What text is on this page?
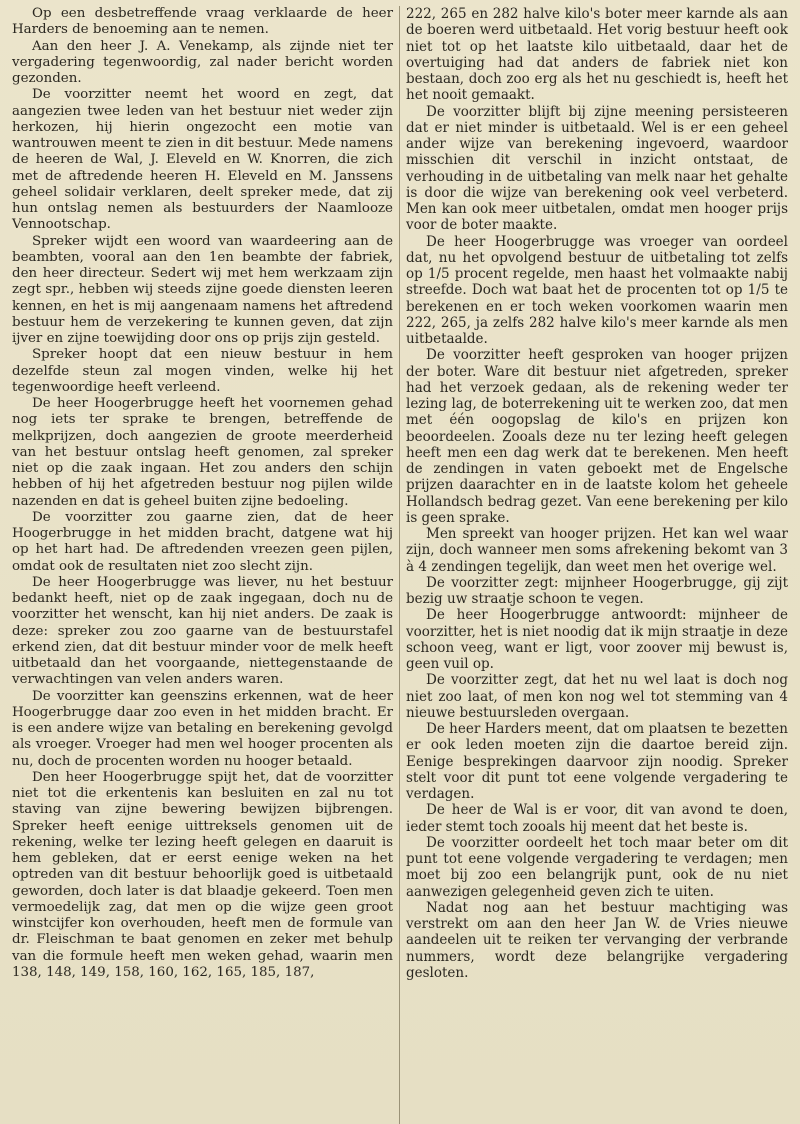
Op een desbetreffende vraag verklaarde de heer Harders de benoeming aan te nemen.

Aan den heer J. A. Venekamp, als zijnde niet ter vergadering tegenwoordig, zal nader bericht worden gezonden.

De voorzitter neemt het woord en zegt, dat aangezien twee leden van het bestuur niet weder zijn herkozen, hij hierin ongezocht een motie van wantrouwen meent te zien in dit bestuur. Mede namens de heeren de Wal, J. Eleveld en W. Knorren, die zich met de aftredende heeren H. Eleveld en M. Janssens geheel solidair verklaren, deelt spreker mede, dat zij hun ontslag nemen als bestuurders der Naamlooze Vennootschap.

Spreker wijdt een woord van waardeering aan de beambten, vooral aan den 1en beambte der fabriek, den heer directeur. Sedert wij met hem werkzaam zijn zegt spr., hebben wij steeds zijne goede diensten leeren kennen, en het is mij aangenaam namens het aftredend bestuur hem de verzekering te kunnen geven, dat zijn ijver en zijne toewijding door ons op prijs zijn gesteld.

Spreker hoopt dat een nieuw bestuur in hem dezelfde steun zal mogen vinden, welke hij het tegenwoordige heeft verleend.

De heer Hoogerbrugge heeft het voornemen gehad nog iets ter sprake te brengen, betreffende de melkprijzen, doch aangezien de groote meerderheid van het bestuur ontslag heeft genomen, zal spreker niet op die zaak ingaan. Het zou anders den schijn hebben of hij het afgetreden bestuur nog pijlen wilde nazenden en dat is geheel buiten zijne bedoeling.

De voorzitter zou gaarne zien, dat de heer Hoogerbrugge in het midden bracht, datgene wat hij op het hart had. De aftredenden vreezen geen pijlen, omdat ook de resultaten niet zoo slecht zijn.

De heer Hoogerbrugge was liever, nu het bestuur bedankt heeft, niet op de zaak ingegaan, doch nu de voorzitter het wenscht, kan hij niet anders. De zaak is deze: spreker zou zoo gaarne van de bestuurstafel erkend zien, dat dit bestuur minder voor de melk heeft uitbetaald dan het voorgaande, niettegenstaande de verwachtingen van velen anders waren.

De voorzitter kan geenszins erkennen, wat de heer Hoogerbrugge daar zoo even in het midden bracht. Er is een andere wijze van betaling en berekening gevolgd als vroeger. Vroeger had men wel hooger procenten als nu, doch de procenten worden nu hooger betaald.

Den heer Hoogerbrugge spijt het, dat de voorzitter niet tot die erkentenis kan besluiten en zal nu tot staving van zijne bewering bewijzen bijbrengen. Spreker heeft eenige uittreksels genomen uit de rekening, welke ter lezing heeft gelegen en daaruit is hem gebleken, dat er eerst eenige weken na het optreden van dit bestuur behoorlijk goed is uitbetaald geworden, doch later is dat blaadje gekeerd. Toen men vermoedelijk zag, dat men op die wijze geen groot winstcijfer kon overhouden, heeft men de formule van dr. Fleischman te baat genomen en zeker met behulp van die formule heeft men weken gehad, waarin men 138, 148, 149, 158, 160, 162, 165, 185, 187,

222, 265 en 282 halve kilo's boter meer karnde als aan de boeren werd uitbetaald. Het vorig bestuur heeft ook niet tot op het laatste kilo uitbetaald, daar het de overtuiging had dat anders de fabriek niet kon bestaan, doch zoo erg als het nu geschiedt is, heeft het het nooit gemaakt.

De voorzitter blijft bij zijne meening persisteeren dat er niet minder is uitbetaald. Wel is er een geheel ander wijze van berekening ingevoerd, waardoor misschien dit verschil in inzicht ontstaat, de verhouding in de uitbetaling van melk naar het gehalte is door die wijze van berekening ook veel verbeterd. Men kan ook meer uitbetalen, omdat men hooger prijs voor de boter maakte.

De heer Hoogerbrugge was vroeger van oordeel dat, nu het opvolgend bestuur de uitbetaling tot zelfs op 1/5 procent regelde, men haast het volmaakte nabij streefde. Doch wat baat het de procenten tot op 1/5 te berekenen en er toch weken voorkomen waarin men 222, 265, ja zelfs 282 halve kilo's meer karnde als men uitbetaalde.

De voorzitter heeft gesproken van hooger prijzen der boter. Ware dit bestuur niet afgetreden, spreker had het verzoek gedaan, als de rekening weder ter lezing lag, de boterrekening uit te werken zoo, dat men met één oogopslag de kilo's en prijzen kon beoordeelen. Zooals deze nu ter lezing heeft gelegen heeft men een dag werk dat te berekenen. Men heeft de zendingen in vaten geboekt met de Engelsche prijzen daarachter en in de laatste kolom het geheele Hollandsch bedrag gezet. Van eene berekening per kilo is geen sprake.

Men spreekt van hooger prijzen. Het kan wel waar zijn, doch wanneer men soms afrekening bekomt van 3 à 4 zendingen tegelijk, dan weet men het overige wel.

De voorzitter zegt: mijnheer Hoogerbrugge, gij zijt bezig uw straatje schoon te vegen.

De heer Hoogerbrugge antwoordt: mijnheer de voorzitter, het is niet noodig dat ik mijn straatje in deze schoon veeg, want er ligt, voor zoover mij bewust is, geen vuil op.

De voorzitter zegt, dat het nu wel laat is doch nog niet zoo laat, of men kon nog wel tot stemming van 4 nieuwe bestuursleden overgaan.

De heer Harders meent, dat om plaatsen te bezetten er ook leden moeten zijn die daartoe bereid zijn. Eenige besprekingen daarvoor zijn noodig. Spreker stelt voor dit punt tot eene volgende vergadering te verdagen.

De heer de Wal is er voor, dit van avond te doen, ieder stemt toch zooals hij meent dat het beste is.

De voorzitter oordeelt het toch maar beter om dit punt tot eene volgende vergadering te verdagen; men moet bij zoo een belangrijk punt, ook de nu niet aanwezigen gelegenheid geven zich te uiten.

Nadat nog aan het bestuur machtiging was verstrekt om aan den heer Jan W. de Vries nieuwe aandeelen uit te reiken ter vervanging der verbrande nummers, wordt deze belangrijke vergadering gesloten.
